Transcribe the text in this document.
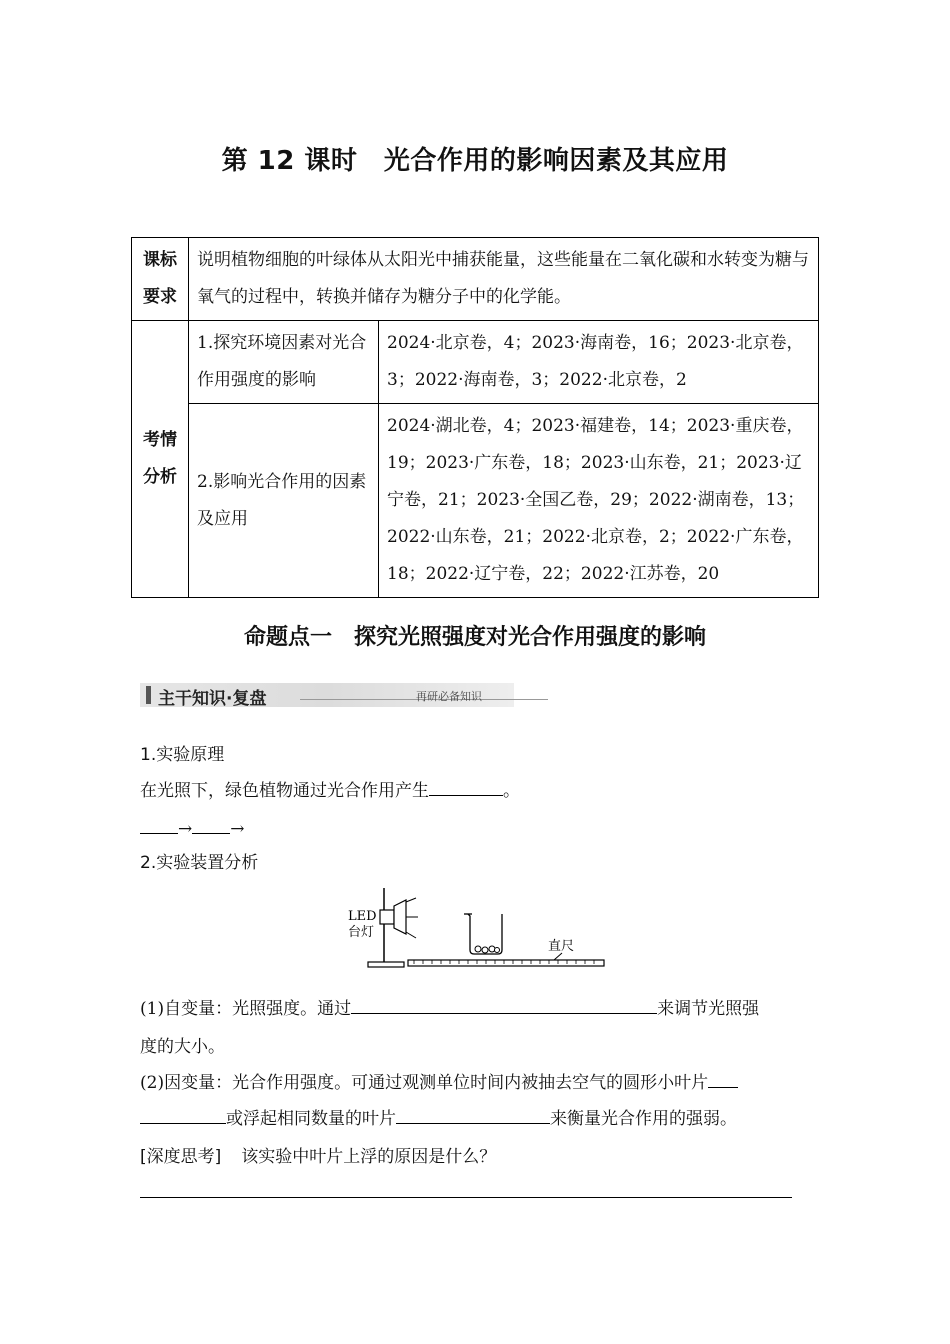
第 12 课时　光合作用的影响因素及其应用
课标要求	说明植物细胞的叶绿体从太阳光中捕获能量，这些能量在二氧化碳和水转变为糖与氧气的过程中，转换并储存为糖分子中的化学能。	
考情分析	1.探究环境因素对光合作用强度的影响	2024·北京卷，4；2023·海南卷，16；2023·北京卷，3；2022·海南卷，3；2022·北京卷，2
	2.影响光合作用的因素及应用	2024·湖北卷，4；2023·福建卷，14；2023·重庆卷，19；2023·广东卷，18；2023·山东卷，21；2023·辽宁卷，21；2023·全国乙卷，29；2022·湖南卷，13；2022·山东卷，21；2022·北京卷，2；2022·广东卷，18；2022·辽宁卷，22；2022·江苏卷，20
命题点一　探究光照强度对光合作用强度的影响
主干知识·复盘	再研必备知识
1.实验原理
在光照下，绿色植物通过光合作用产生	。
→ →
2.实验装置分析
LED
台灯
直尺
(1)自变量：光照强度。通过	来调节光照强
度的大小。
(2)因变量：光合作用强度。可通过观测单位时间内被抽去空气的圆形小叶片
或浮起相同数量的叶片	来衡量光合作用的强弱。
[深度思考] 该实验中叶片上浮的原因是什么？
